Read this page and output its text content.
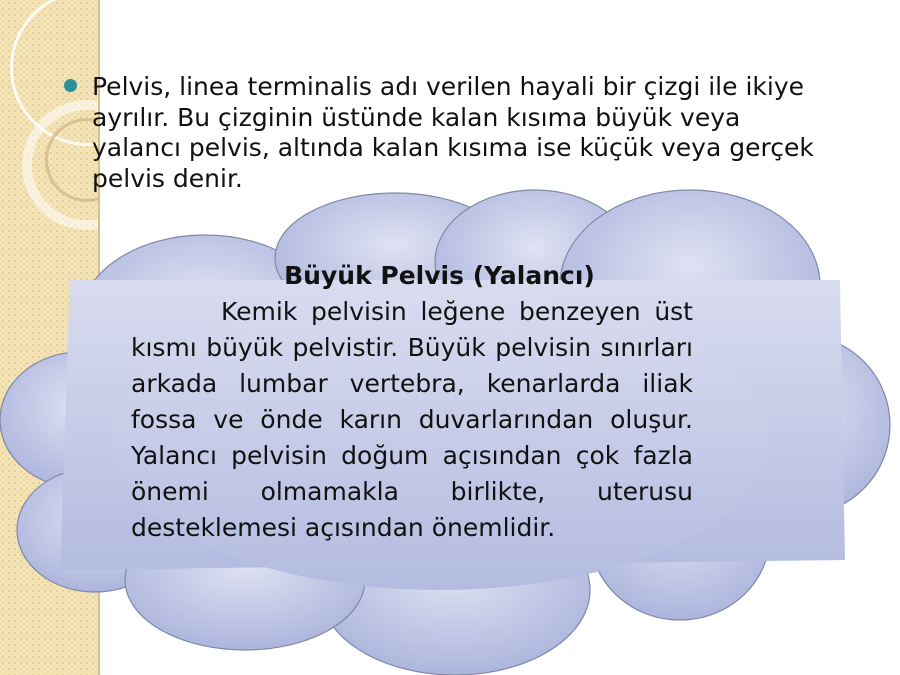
Pelvis, linea terminalis adı verilen hayali bir çizgi ile ikiye ayrılır. Bu çizginin üstünde kalan kısıma büyük veya yalancı pelvis, altında kalan kısıma ise küçük veya gerçek pelvis denir.

Büyük Pelvis (Yalancı)

Kemik pelvisin leğene benzeyen üst kısmı büyük pelvistir. Büyük pelvisin sınırları arkada lumbar vertebra, kenarlarda iliak fossa ve önde karın duvarlarından oluşur. Yalancı pelvisin doğum açısından çok fazla önemi olmamakla birlikte, uterusu desteklemesi açısından önemlidir.
